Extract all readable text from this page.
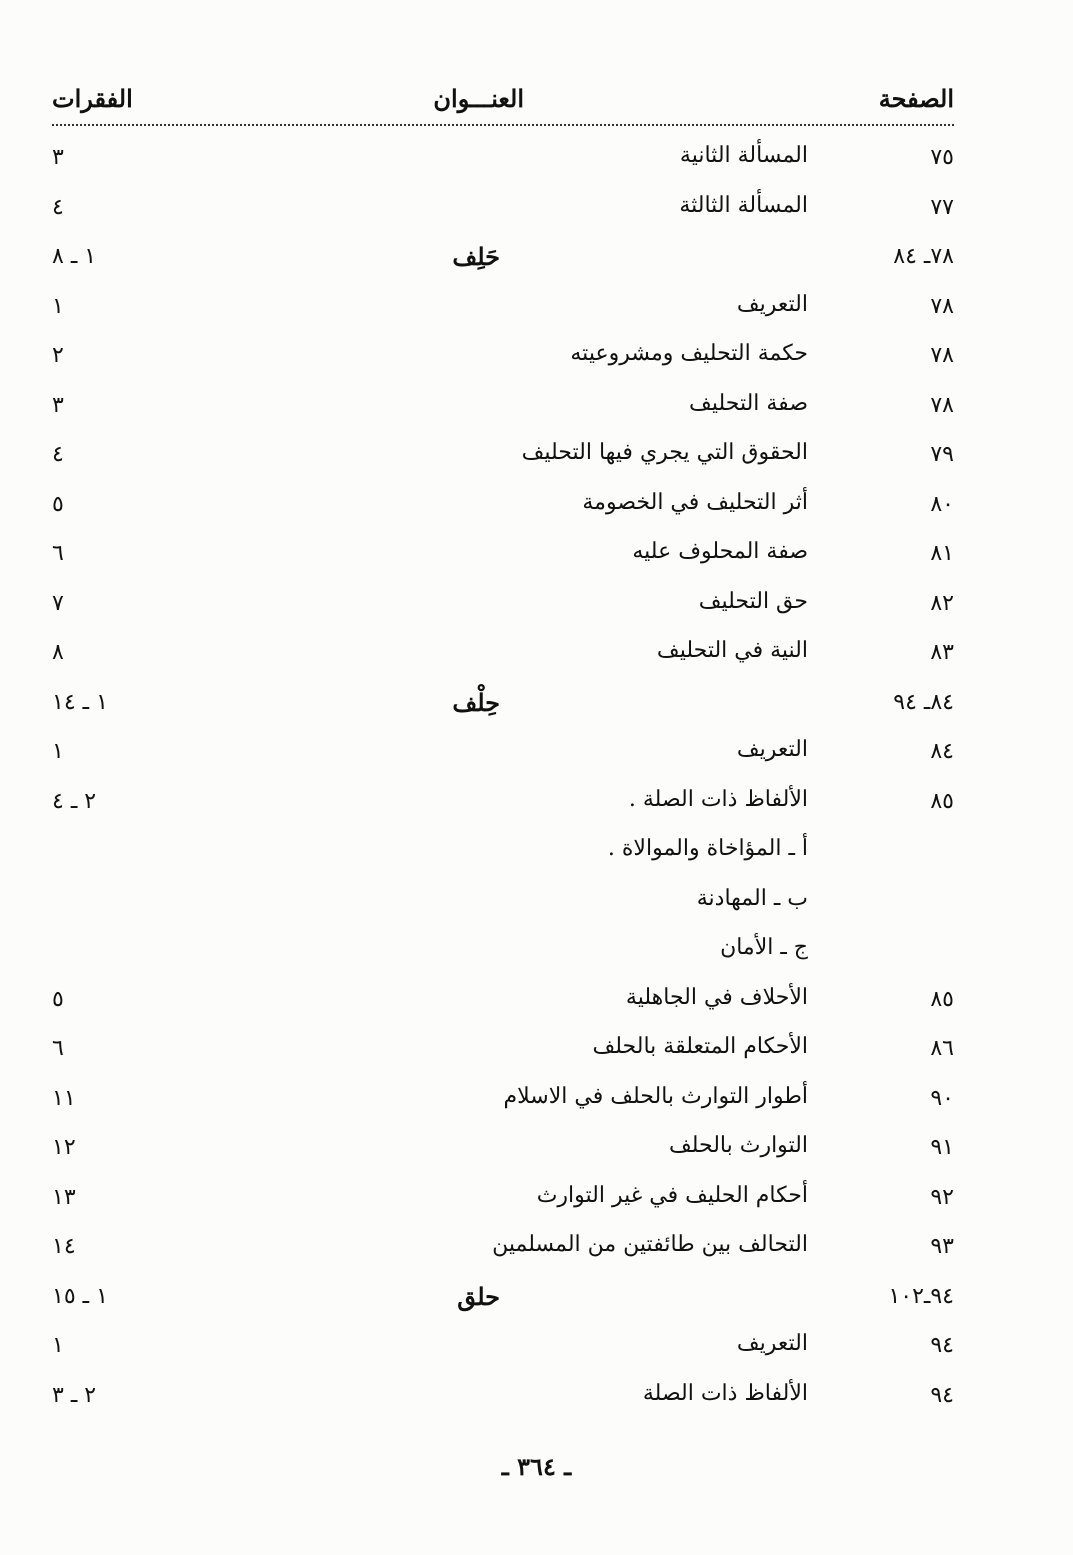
الصفحة
العنـــوان
الفقرات
٧٥
المسألة الثانية
٣
٧٧
المسألة الثالثة
٤
٧٨ـ ٨٤
حَلِف
١ ـ ٨
٧٨
التعريف
١
٧٨
حكمة التحليف ومشروعيته
٢
٧٨
صفة التحليف
٣
٧٩
الحقوق التي يجري فيها التحليف
٤
٨٠
أثر التحليف في الخصومة
٥
٨١
صفة المحلوف عليه
٦
٨٢
حق التحليف
٧
٨٣
النية في التحليف
٨
٨٤ـ ٩٤
حِلْف
١ ـ ١٤
٨٤
التعريف
١
٨٥
الألفاظ ذات الصلة .
٢ ـ ٤
أ ـ المؤاخاة والموالاة .
ب ـ المهادنة
ج ـ الأمان
٨٥
الأحلاف في الجاهلية
٥
٨٦
الأحكام المتعلقة بالحلف
٦
٩٠
أطوار التوارث بالحلف في الاسلام
١١
٩١
التوارث بالحلف
١٢
٩٢
أحكام الحليف في غير التوارث
١٣
٩٣
التحالف بين طائفتين من المسلمين
١٤
٩٤ـ١٠٢
حلق
١ ـ ١٥
٩٤
التعريف
١
٩٤
الألفاظ ذات الصلة
٢ ـ ٣
ـ ٣٦٤ ـ
